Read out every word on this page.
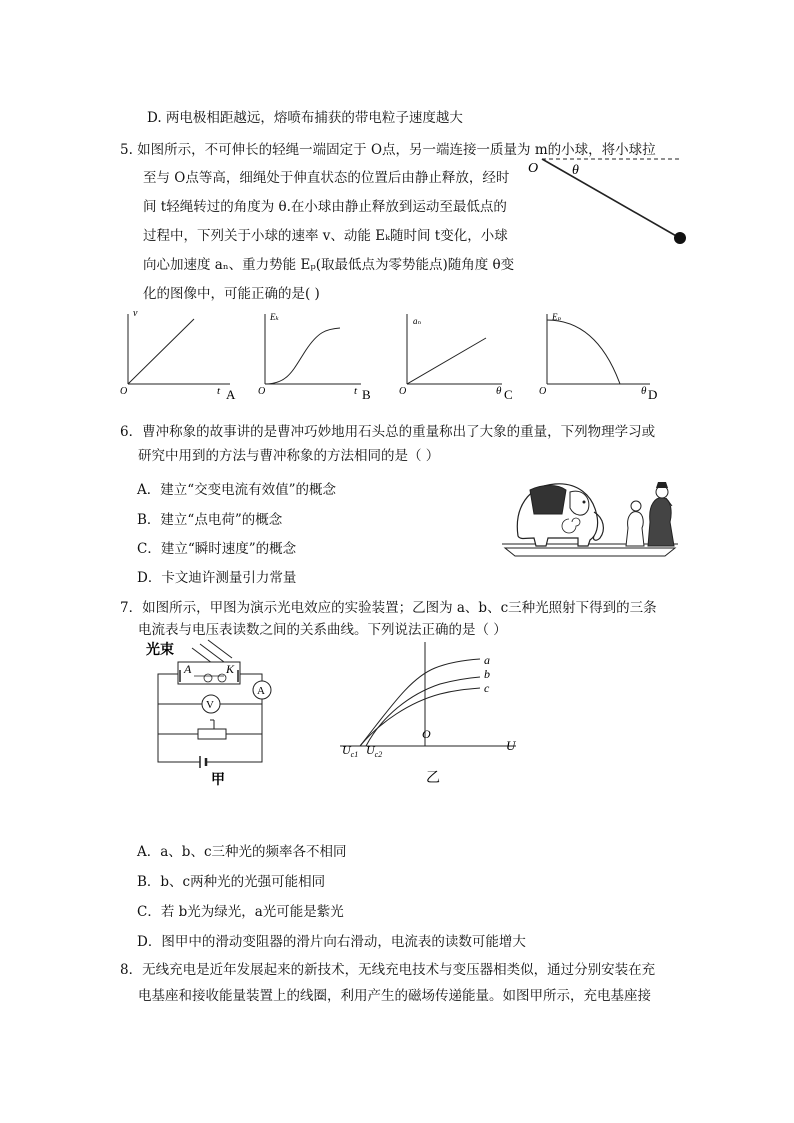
D. 两电极相距越远，熔喷布捕获的带电粒子速度越大
5. 如图所示，不可伸长的轻绳一端固定于 O点，另一端连接一质量为 m的小球，将小球拉
至与 O点等高，细绳处于伸直状态的位置后由静止释放，经时
间 t轻绳转过的角度为 θ.在小球由静止释放到运动至最低点的
过程中，下列关于小球的速率 v、动能 Eₖ随时间 t变化，小球
向心加速度 aₙ、重力势能 Eₚ(取最低点为零势能点)随角度 θ变
化的图像中，可能正确的是( )
O θ
v
O	t A
Eₖ
O	t B
aₙ
O	θ C
Eₚ
O	θ D
6．曹冲称象的故事讲的是曹冲巧妙地用石头总的重量称出了大象的重量，下列物理学习或
研究中用到的方法与曹冲称象的方法相同的是（ ）
A．建立“交变电流有效值”的概念
B．建立“点电荷”的概念
C．建立“瞬时速度”的概念
D．卡文迪许测量引力常量
7．如图所示，甲图为演示光电效应的实验装置；乙图为 a、b、c三种光照射下得到的三条
电流表与电压表读数之间的关系曲线。下列说法正确的是（ ）
光束
A	K
A
V
甲
a
b
c
O
U
$U_{c1}$ $U_{c2}$
乙
A．a、b、c三种光的频率各不相同
B．b、c两种光的光强可能相同
C．若 b光为绿光，a光可能是紫光
D．图甲中的滑动变阻器的滑片向右滑动，电流表的读数可能增大
8．无线充电是近年发展起来的新技术，无线充电技术与变压器相类似，通过分别安装在充
电基座和接收能量装置上的线圈，利用产生的磁场传递能量。如图甲所示，充电基座接
